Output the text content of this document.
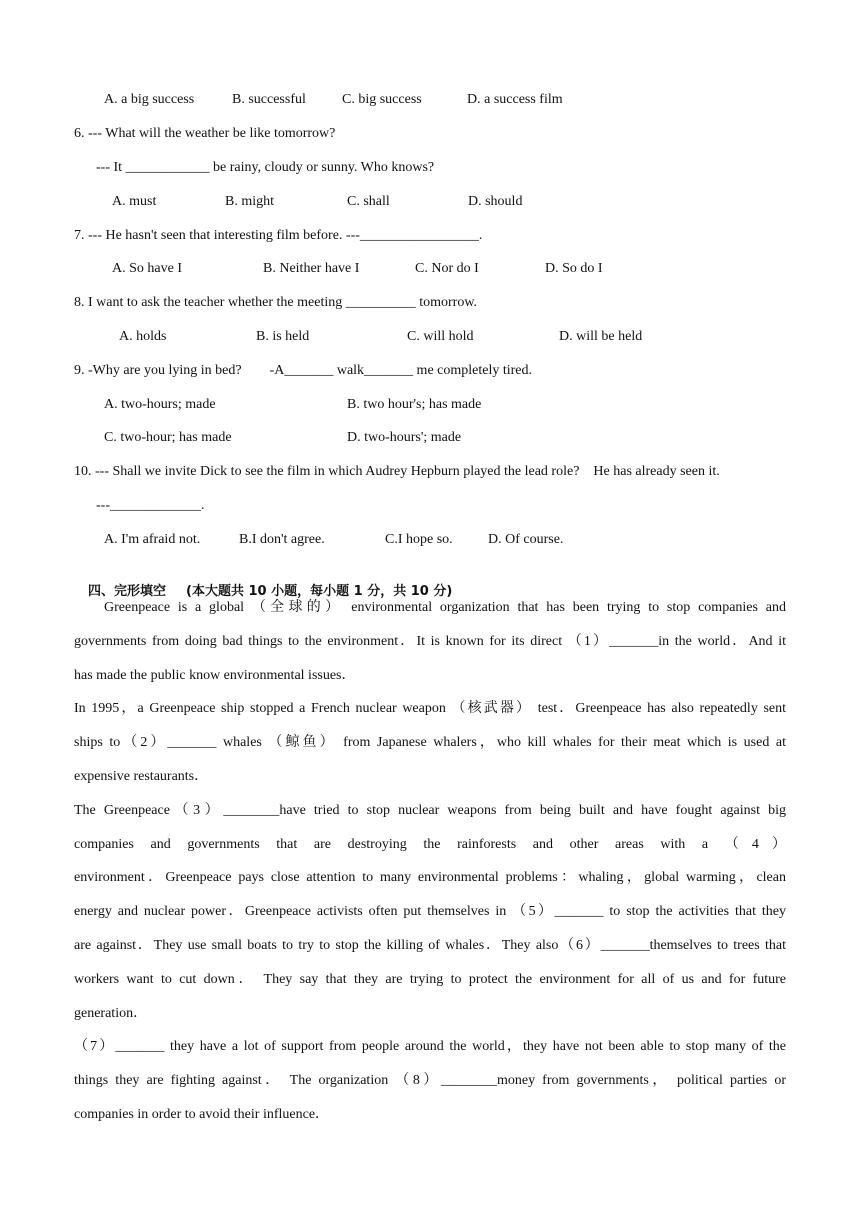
A. a big success	B. successful	C. big success	D. a success film
6. --- What will the weather be like tomorrow?
--- It ____________ be rainy, cloudy or sunny. Who knows?
A. must	B. might	C. shall	D. should
7. --- He hasn't seen that interesting film before. ---_________________.
A. So have I	B. Neither have I	C. Nor do I	D. So do I
8. I want to ask the teacher whether the meeting __________ tomorrow.
A. holds	B. is held	C. will hold	D. will be held
9. -Why are you lying in bed?        -A_______ walk_______ me completely tired.
A. two-hours; made	B. two hour's; has made
C. two-hour; has made	D. two-hours'; made
10. --- Shall we invite Dick to see the film in which Audrey Hepburn played the lead role?    He has already seen it.
---_____________.
A. I'm afraid not.	B.I don't agree.	C.I hope so.	D. Of course.

四、完形填空 (本大题共 10 小题，每小题 1 分，共 10 分)

Greenpeace is a global （全球的） environmental organization that has been trying to stop companies and
governments from doing bad things to the environment．It is known for its direct （1）_______in the world．And it
has made the public know environmental issues．
In 1995，a Greenpeace ship stopped a French nuclear weapon （核武器） test．Greenpeace has also repeatedly sent
ships to（2）_______ whales （鲸鱼） from Japanese whalers，who kill whales for their meat which is used at
expensive restaurants．
The Greenpeace（3）________have tried to stop nuclear weapons from being built and have fought against big
companies and governments that are destroying the rainforests and other areas with a （4）
environment．Greenpeace pays close attention to many environmental problems：whaling，global warming，clean
energy and nuclear power．Greenpeace activists often put themselves in （5）_______ to stop the activities that they
are against．They use small boats to try to stop the killing of whales．They also（6）_______themselves to trees that
workers want to cut down． They say that they are trying to protect the environment for all of us and for future
generation．
（7）_______ they have a lot of support from people around the world，they have not been able to stop many of the
things they are fighting against． The organization （8）________money from governments， political parties or
companies in order to avoid their influence．
